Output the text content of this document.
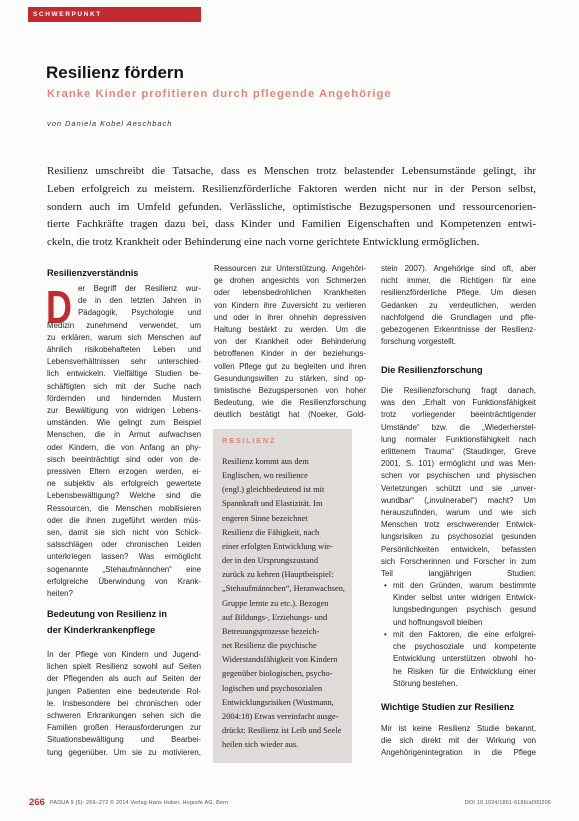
SCHWERPUNKT
Resilienz fördern
Kranke Kinder profitieren durch pflegende Angehörige
von Daniela Kobel Aeschbach
Resilienz umschreibt die Tatsache, dass es Menschen trotz belastender Lebensumstände gelingt, ihr
Leben erfolgreich zu meistern. Resilienzförderliche Faktoren werden nicht nur in der Person selbst,
sondern auch im Umfeld gefunden. Verlässliche, optimistische Bezugspersonen und ressourcenorien-
tierte Fachkräfte tragen dazu bei, dass Kinder und Familien Eigenschaften und Kompetenzen entwi-
ckeln, die trotz Krankheit oder Behinderung eine nach vorne gerichtete Entwicklung ermöglichen.
Resilienzverständnis
D er Begriff der Resilienz wur-
de in den letzten Jahren in
Pädagogik, Psychologie und
Medizin zunehmend verwendet, um
zu erklären, warum sich Menschen auf
ähnlich risikobehafteten Leben und
Lebensverhältnissen sehr unterschied-
lich entwickeln. Vielfältige Studien be-
schäftigten sich mit der Suche nach
fördernden und hindernden Mustern
zur Bewältigung von widrigen Lebens-
umständen. Wie gelingt zum Beispiel
Menschen, die in Armut aufwachsen
oder Kindern, die von Anfang an phy-
sisch beeinträchtigt sind oder von de-
pressiven Eltern erzogen werden, ei-
ne subjektiv als erfolgreich gewertete
Lebensbewältigung? Welche sind die
Ressourcen, die Menschen mobilisieren
oder die ihnen zugeführt werden müs-
sen, damit sie sich nicht von Schick-
salsschlägen oder chronischen Leiden
unterkriegen lassen? Was ermöglicht
sogenannte „Stehaufmännchen“ eine
erfolgreiche Überwindung von Krank-
heiten?
Bedeutung von Resilienz in
der Kinderkrankenpflege
In der Pflege von Kindern und Jugend-
lichen spielt Resilienz sowohl auf Seiten
der Pflegenden als auch auf Seiten der
jungen Patienten eine bedeutende Rol-
le. Insbesondere bei chronischen oder
schweren Erkrankungen sehen sich die
Familien großen Herausforderungen zur
Situationsbewältigung und Bearbei-
tung gegenüber. Um sie zu motivieren,
Ressourcen zur Unterstützung. Angehöri-
ge drohen angesichts von Schmerzen
oder lebensbedrohlichen Krankheiten
von Kindern ihre Zuversicht zu verlieren
und oder in ihrer ohnehin depressiven
Haltung bestärkt zu werden. Um die
von der Krankheit oder Behinderung
betroffenen Kinder in der beziehungs-
vollen Pflege gut zu begleiten und ihren
Gesundungswillen zu stärken, sind op-
timistische Bezugspersonen von hoher
Bedeutung, wie die Resilienzforschung
deutlich bestätigt hat (Noeker, Gold-
RESILIENZ
Resilienz kommt aus dem
Englischen, wo resilience
(engl.) gleichbedeutend ist mit
Spannkraft und Elastizität. Im
engeren Sinne bezeichnet
Resilienz die Fähigkeit, nach
einer erfolgten Entwicklung wie-
der in den Ursprungszustand
zurück zu kehren (Hauptbeispiel:
„Stehaufmännchen“, Heranwachsen,
Gruppe lernte zu etc.). Bezogen
auf Bildungs-, Erziehungs- und
Betreuungsprozesse bezeich-
net Resilienz die psychische
Widerstandsfähigkeit von Kindern
gegenüber biologischen, psycho-
logischen und psychosozialen
Entwicklungsrisiken (Wustmann,
2004:18) Etwas vereinfacht ausge-
drückt: Resilienz ist Leib und Seele
heilen sich wieder aus.
stein 2007). Angehörige sind oft, aber
nicht immer, die Richtigen für eine
resilienzförderliche Pflege. Um diesen
Gedanken zu verdeutlichen, werden
nachfolgend die Grundlagen und pfle-
gebezogenen Erkenntnisse der Resilienz-
forschung vorgestellt.
Die Resilienzforschung
Die Resilienzforschung fragt danach,
was den „Erhalt von Funktionsfähigkeit
trotz vorliegender beeinträchtigender
Umstände“ bzw. die „Wiederherstel-
lung normaler Funktionsfähigkeit nach
erlittenem Trauma“ (Staudinger, Greve
2001, S. 101) ermöglicht und was Men-
schen vor psychischen und physischen
Verletzungen schützt und sie „unver-
wundbar“ („invulnerabel“) macht? Um
herauszufinden, warum und wie sich
Menschen trotz erschwerender Entwick-
lungsrisiken zu psychosozial gesunden
Persönlichkeiten entwickeln, befassten
sich Forscherinnen und Forscher in zum
Teil langjährigen Studien:
•
mit den Gründen, warum bestimmte
Kinder selbst unter widrigen Entwick-
lungsbedingungen psychisch gesund
und hoffnungsvoll bleiben
•
mit den Faktoren, die eine erfolgrei-
che psychosoziale und kompetente
Entwicklung unterstützen obwohl ho-
he Risiken für die Entwicklung einer
Störung bestehen.
Wichtige Studien zur Resilienz
Mir ist keine Resilienz Studie bekannt,
die sich direkt mit der Wirkung von
Angehörigenintegration in die Pflege
266 PADUA 9 (5): 266–272 © 2014 Verlag Hans Huber, Hogrefe AG, Bern	DOI 10.1024/1861-6186/a000206
